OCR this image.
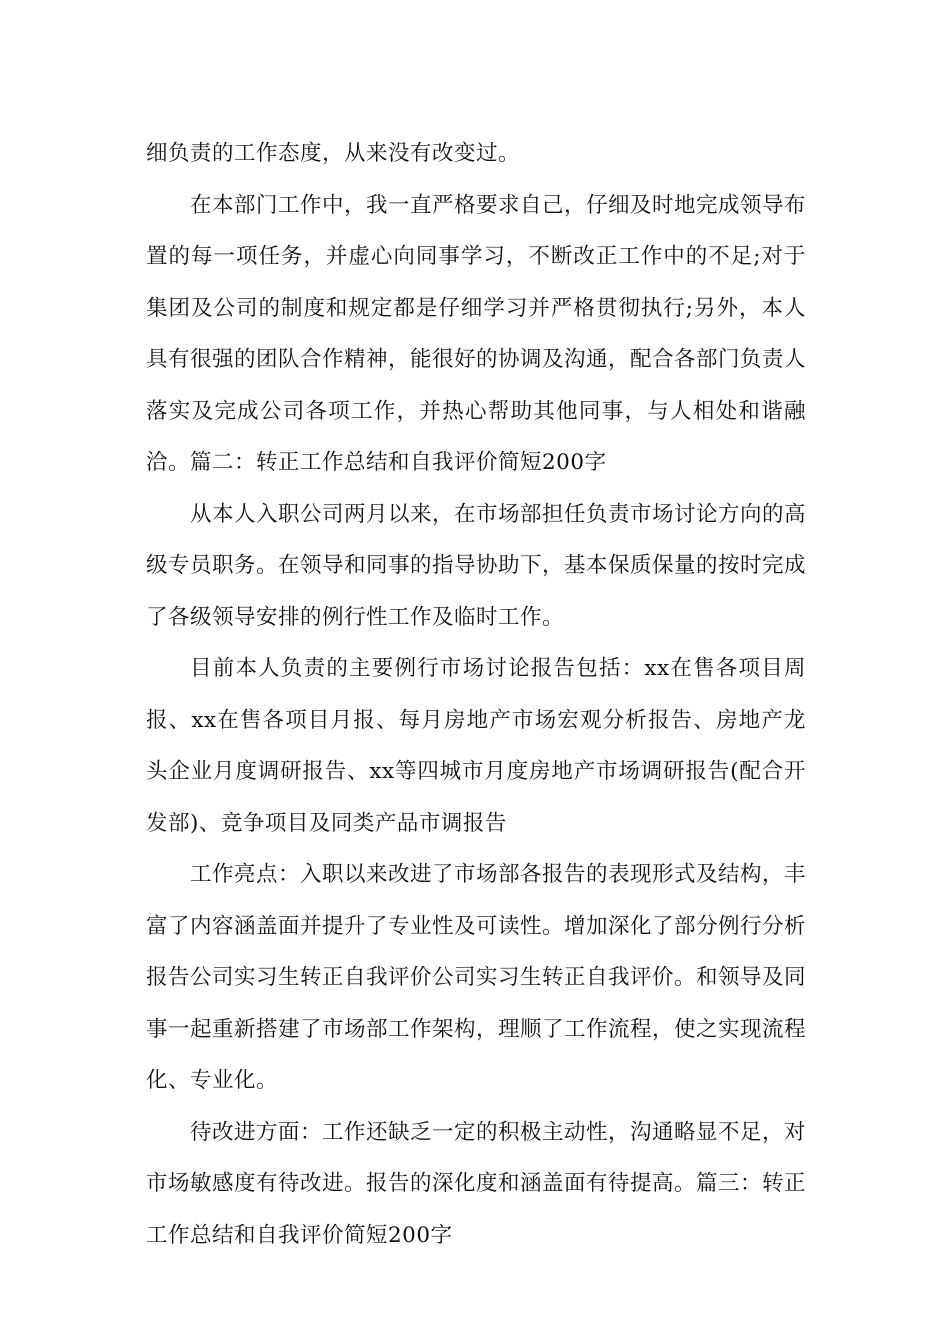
细负责的工作态度，从来没有改变过。

在本部门工作中，我一直严格要求自己，仔细及时地完成领导布置的每一项任务，并虚心向同事学习，不断改正工作中的不足;对于集团及公司的制度和规定都是仔细学习并严格贯彻执行;另外，本人具有很强的团队合作精神，能很好的协调及沟通，配合各部门负责人落实及完成公司各项工作，并热心帮助其他同事，与人相处和谐融洽。篇二：转正工作总结和自我评价简短200字

从本人入职公司两月以来，在市场部担任负责市场讨论方向的高级专员职务。在领导和同事的指导协助下，基本保质保量的按时完成了各级领导安排的例行性工作及临时工作。

目前本人负责的主要例行市场讨论报告包括：xx在售各项目周报、xx在售各项目月报、每月房地产市场宏观分析报告、房地产龙头企业月度调研报告、xx等四城市月度房地产市场调研报告(配合开发部)、竞争项目及同类产品市调报告

工作亮点：入职以来改进了市场部各报告的表现形式及结构，丰富了内容涵盖面并提升了专业性及可读性。增加深化了部分例行分析报告公司实习生转正自我评价公司实习生转正自我评价。和领导及同事一起重新搭建了市场部工作架构，理顺了工作流程，使之实现流程化、专业化。

待改进方面：工作还缺乏一定的积极主动性，沟通略显不足，对市场敏感度有待改进。报告的深化度和涵盖面有待提高。篇三：转正工作总结和自我评价简短200字
